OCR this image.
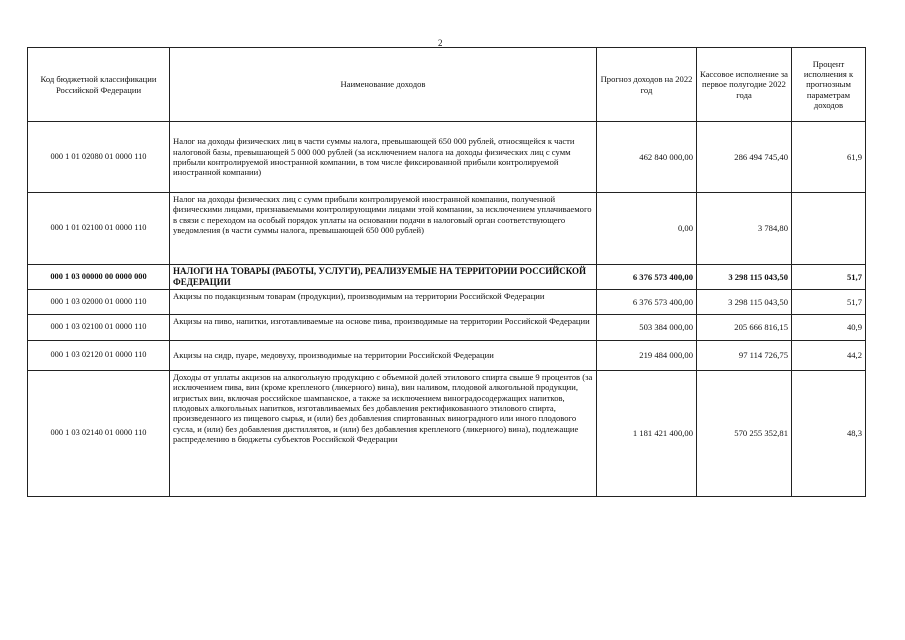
2
Код бюджетной классификации Российской Федерации	Наименование доходов	Прогноз доходов на 2022 год	Кассовое исполнение за первое полугодие 2022 года	Процент исполнения к прогнозным параметрам доходов
000 1 01 02080 01 0000 110	Налог на доходы физических лиц в части суммы налога, превышающей 650 000 рублей, относящейся к части налоговой базы, превышающей 5 000 000 рублей (за исключением налога на доходы физических лиц с сумм прибыли контролируемой иностранной компании, в том числе фиксированной прибыли контролируемой иностранной компании)	462 840 000,00	286 494 745,40	61,9
000 1 01 02100 01 0000 110	Налог на доходы физических лиц с сумм прибыли контролируемой иностранной компании, полученной физическими лицами, признаваемыми контролирующими лицами этой компании, за исключением уплачиваемого в связи с переходом на особый порядок уплаты на основании подачи в налоговый орган соответствующего уведомления (в части суммы налога, превышающей 650 000 рублей)	0,00	3 784,80	
000 1 03 00000 00 0000 000	НАЛОГИ НА ТОВАРЫ (РАБОТЫ, УСЛУГИ), РЕАЛИЗУЕМЫЕ НА ТЕРРИТОРИИ РОССИЙСКОЙ ФЕДЕРАЦИИ	6 376 573 400,00	3 298 115 043,50	51,7
000 1 03 02000 01 0000 110	Акцизы по подакцизным товарам (продукции), производимым на территории Российской Федерации	6 376 573 400,00	3 298 115 043,50	51,7
000 1 03 02100 01 0000 110	Акцизы на пиво, напитки, изготавливаемые на основе пива, производимые на территории Российской Федерации	503 384 000,00	205 666 816,15	40,9
000 1 03 02120 01 0000 110	Акцизы на сидр, пуаре, медовуху, производимые на территории Российской Федерации	219 484 000,00	97 114 726,75	44,2
000 1 03 02140 01 0000 110	Доходы от уплаты акцизов на алкогольную продукцию с объемной долей этилового спирта свыше 9 процентов (за исключением пива, вин (кроме крепленого (ликерного) вина), вин наливом, плодовой алкогольной продукции, игристых вин, включая российское шампанское, а также за исключением виноградосодержащих напитков, плодовых алкогольных напитков, изготавливаемых без добавления ректификованного этилового спирта, произведенного из пищевого сырья, и (или) без добавления спиртованных виноградного или иного плодового сусла, и (или) без добавления дистиллятов, и (или) без добавления крепленого (ликерного) вина), подлежащие распределению в бюджеты субъектов Российской Федерации	1 181 421 400,00	570 255 352,81	48,3
